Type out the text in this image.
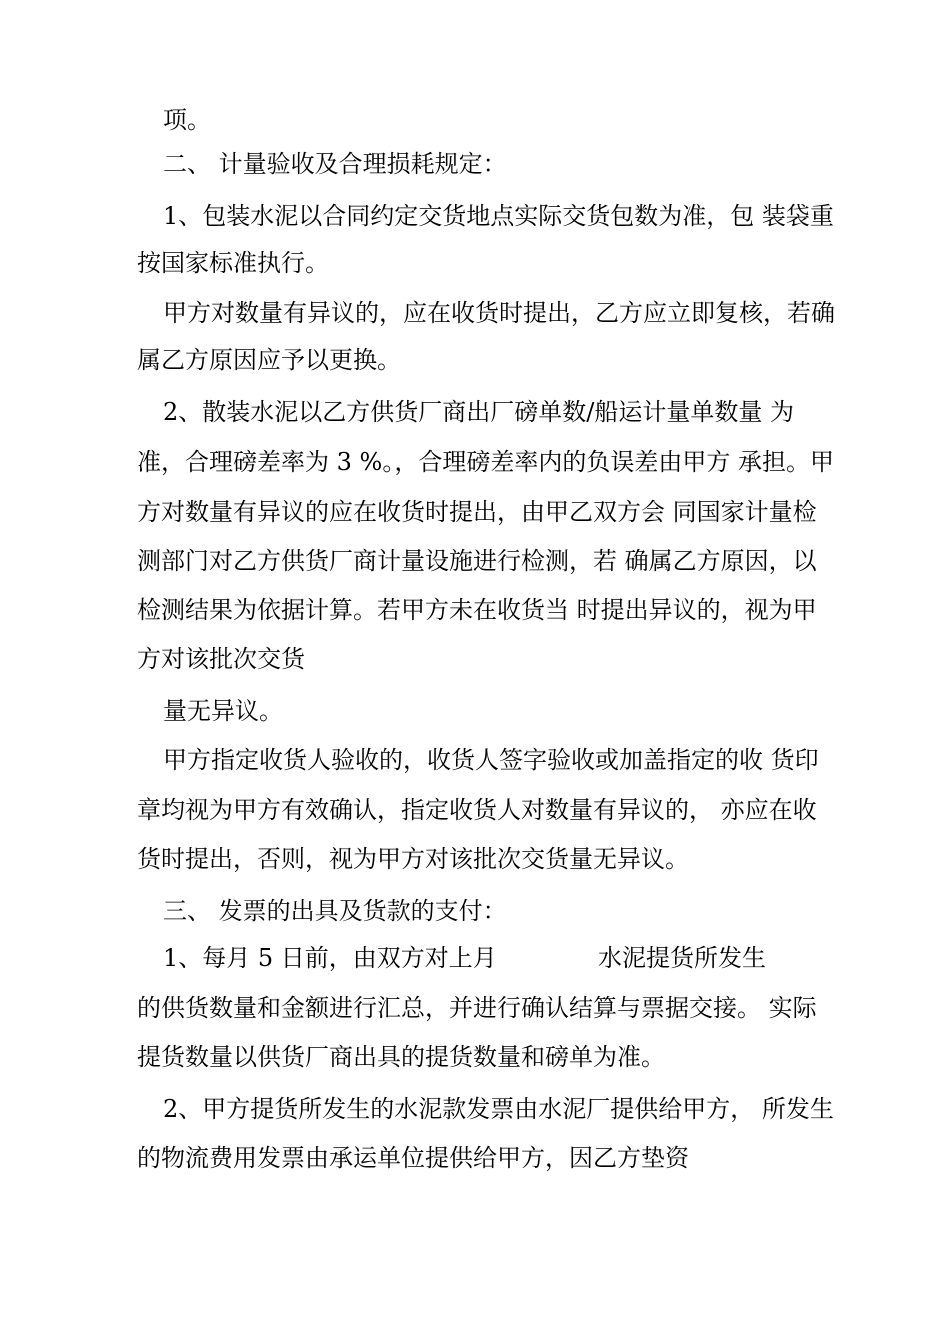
项。
二、 计量验收及合理损耗规定：
1、包装水泥以合同约定交货地点实际交货包数为准，包 装袋重
按国家标准执行。
甲方对数量有异议的，应在收货时提出，乙方应立即复核，若确
属乙方原因应予以更换。
2、散装水泥以乙方供货厂商出厂磅单数/船运计量单数量 为
准，合理磅差率为 3 %。，合理磅差率内的负误差由甲方 承担。甲
方对数量有异议的应在收货时提出，由甲乙双方会 同国家计量检
测部门对乙方供货厂商计量设施进行检测，若 确属乙方原因，以
检测结果为依据计算。若甲方未在收货当 时提出异议的，视为甲
方对该批次交货
量无异议。
甲方指定收货人验收的，收货人签字验收或加盖指定的收 货印
章均视为甲方有效确认，指定收货人对数量有异议的， 亦应在收
货时提出，否则，视为甲方对该批次交货量无异议。
三、 发票的出具及货款的支付：
1、每月 5 日前，由双方对上月	水泥提货所发生
的供货数量和金额进行汇总，并进行确认结算与票据交接。 实际
提货数量以供货厂商出具的提货数量和磅单为准。
2、甲方提货所发生的水泥款发票由水泥厂提供给甲方， 所发生
的物流费用发票由承运单位提供给甲方，因乙方垫资
